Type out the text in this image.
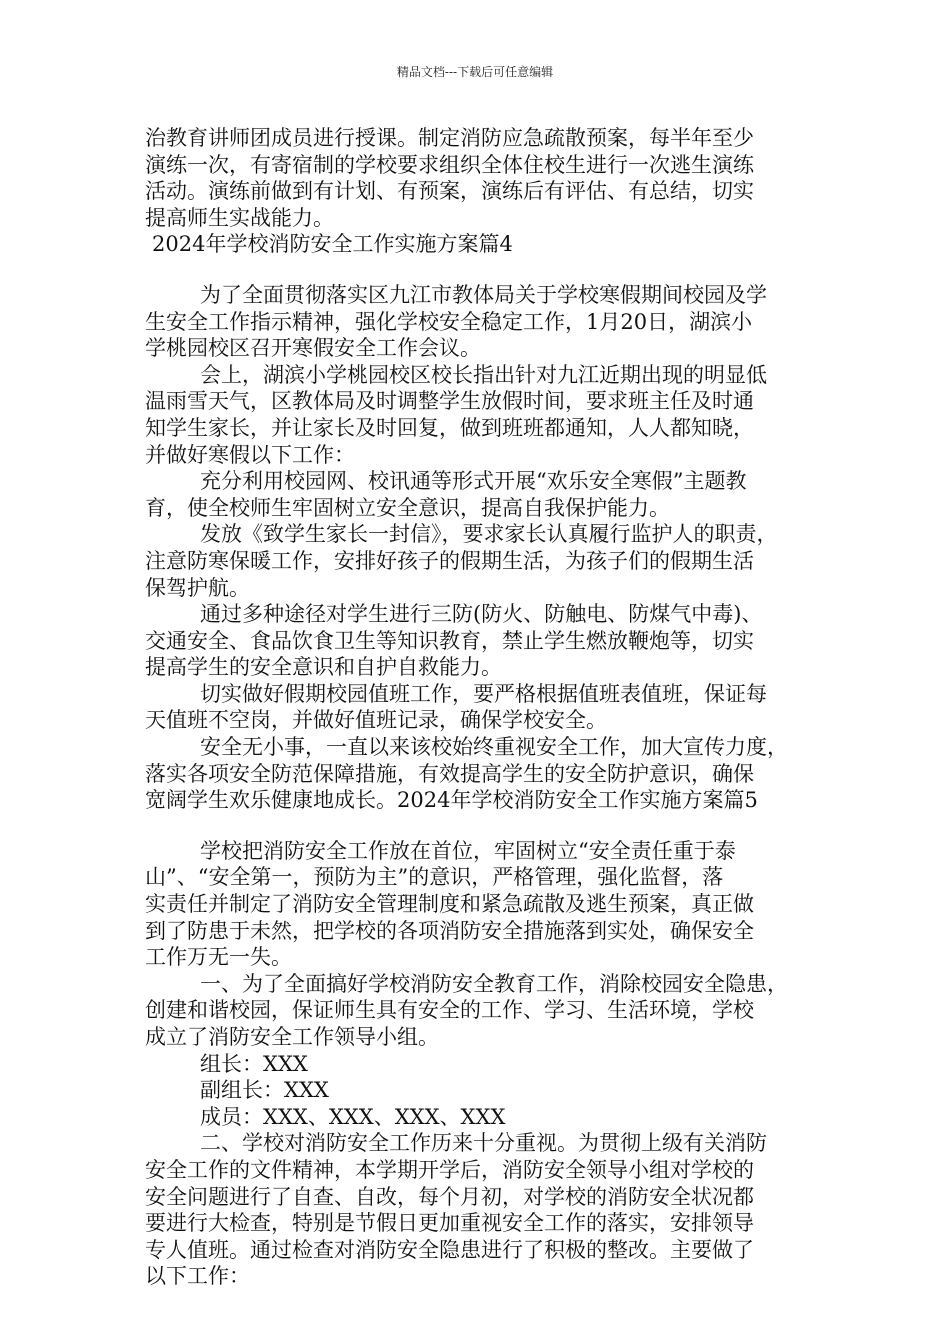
精品文档---下载后可任意编辑
治教育讲师团成员进行授课。制定消防应急疏散预案，每半年至少
演练一次，有寄宿制的学校要求组织全体住校生进行一次逃生演练
活动。演练前做到有计划、有预案，演练后有评估、有总结，切实
提高师生实战能力。
2024年学校消防安全工作实施方案篇4
为了全面贯彻落实区九江市教体局关于学校寒假期间校园及学
生安全工作指示精神，强化学校安全稳定工作，1月20日，湖滨小
学桃园校区召开寒假安全工作会议。
会上，湖滨小学桃园校区校长指出针对九江近期出现的明显低
温雨雪天气，区教体局及时调整学生放假时间，要求班主任及时通
知学生家长，并让家长及时回复，做到班班都通知，人人都知晓，
并做好寒假以下工作：
充分利用校园网、校讯通等形式开展“欢乐安全寒假”主题教
育，使全校师生牢固树立安全意识，提高自我保护能力。
发放《致学生家长一封信》，要求家长认真履行监护人的职责，
注意防寒保暖工作，安排好孩子的假期生活，为孩子们的假期生活
保驾护航。
通过多种途径对学生进行三防(防火、防触电、防煤气中毒)、
交通安全、食品饮食卫生等知识教育，禁止学生燃放鞭炮等，切实
提高学生的安全意识和自护自救能力。
切实做好假期校园值班工作，要严格根据值班表值班，保证每
天值班不空岗，并做好值班记录，确保学校安全。
安全无小事，一直以来该校始终重视安全工作，加大宣传力度，
落实各项安全防范保障措施，有效提高学生的安全防护意识，确保
宽阔学生欢乐健康地成长。2024年学校消防安全工作实施方案篇5
学校把消防安全工作放在首位，牢固树立“安全责任重于泰
山”、“安全第一，预防为主”的意识，严格管理，强化监督，落
实责任并制定了消防安全管理制度和紧急疏散及逃生预案，真正做
到了防患于未然，把学校的各项消防安全措施落到实处，确保安全
工作万无一失。
一、为了全面搞好学校消防安全教育工作，消除校园安全隐患，
创建和谐校园，保证师生具有安全的工作、学习、生活环境，学校
成立了消防安全工作领导小组。
组长：XXX
副组长：XXX
成员：XXX、XXX、XXX、XXX
二、学校对消防安全工作历来十分重视。为贯彻上级有关消防
安全工作的文件精神，本学期开学后，消防安全领导小组对学校的
安全问题进行了自查、自改，每个月初，对学校的消防安全状况都
要进行大检查，特别是节假日更加重视安全工作的落实，安排领导
专人值班。通过检查对消防安全隐患进行了积极的整改。主要做了
以下工作：
